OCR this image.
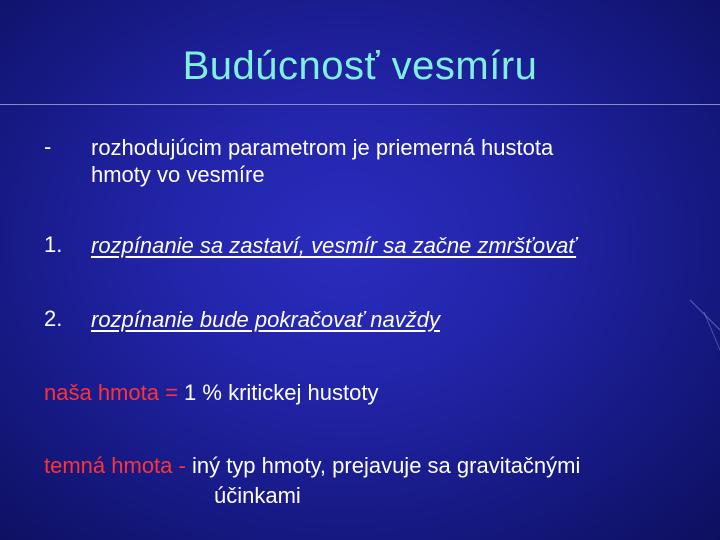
Budúcnosť vesmíru
- rozhodujúcim parametrom je priemerná hustota
hmoty vo vesmíre
1. rozpínanie sa zastaví, vesmír sa začne zmršťovať
2. rozpínanie bude pokračovať navždy
naša hmota = 1 % kritickej hustoty
temná hmota - iný typ hmoty, prejavuje sa gravitačnými
účinkami
